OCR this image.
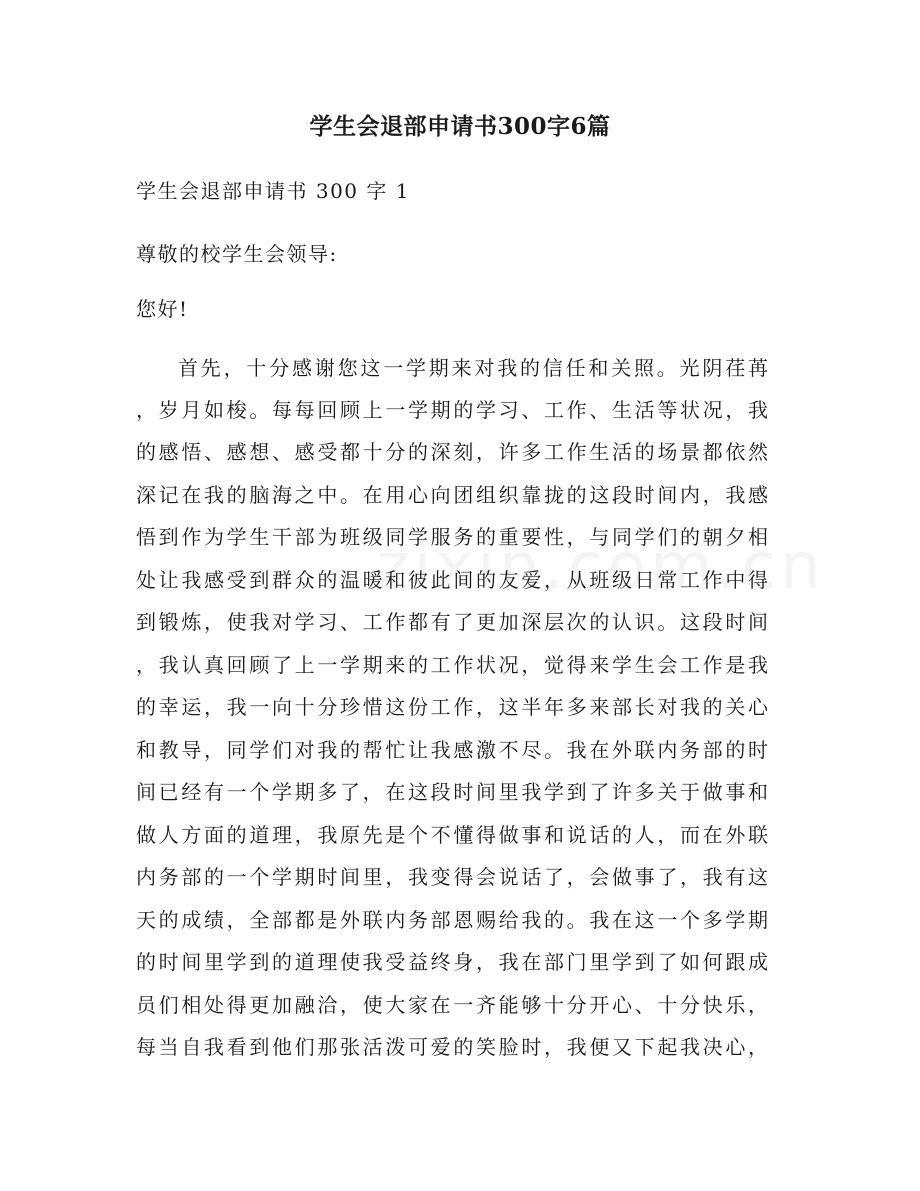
学生会退部申请书300字6篇

学生会退部申请书 300 字 1

尊敬的校学生会领导:

您好!

首先，十分感谢您这一学期来对我的信任和关照。光阴荏苒

，岁月如梭。每每回顾上一学期的学习、工作、生活等状况，我

的感悟、感想、感受都十分的深刻，许多工作生活的场景都依然

深记在我的脑海之中。在用心向团组织靠拢的这段时间内，我感

悟到作为学生干部为班级同学服务的重要性，与同学们的朝夕相

处让我感受到群众的温暖和彼此间的友爱，从班级日常工作中得

到锻炼，使我对学习、工作都有了更加深层次的认识。这段时间

，我认真回顾了上一学期来的工作状况，觉得来学生会工作是我

的幸运，我一向十分珍惜这份工作，这半年多来部长对我的关心

和教导，同学们对我的帮忙让我感激不尽。我在外联内务部的时

间已经有一个学期多了，在这段时间里我学到了许多关于做事和

做人方面的道理，我原先是个不懂得做事和说话的人，而在外联

内务部的一个学期时间里，我变得会说话了，会做事了，我有这

天的成绩，全部都是外联内务部恩赐给我的。我在这一个多学期

的时间里学到的道理使我受益终身，我在部门里学到了如何跟成

员们相处得更加融洽，使大家在一齐能够十分开心、十分快乐，

每当自我看到他们那张活泼可爱的笑脸时，我便又下起我决心，
